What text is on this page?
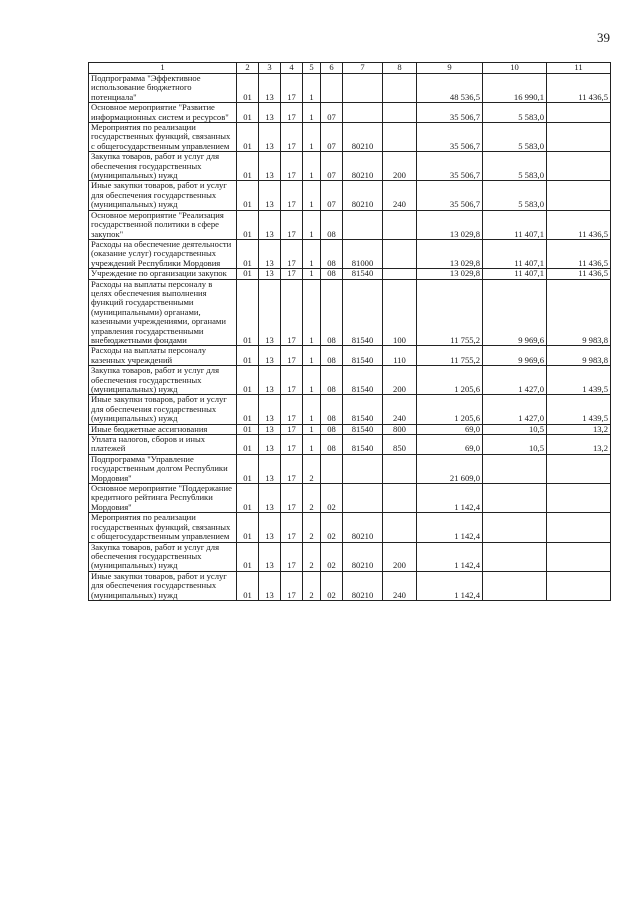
39
1	2	3	4	5	6	7	8	9	10	11
Подпрограмма "Эффективное использование бюджетного потенциала"	01	13	17	1				48 536,5	16 990,1	11 436,5
Основное мероприятие "Развитие информационных систем и ресурсов"	01	13	17	1	07			35 506,7	5 583,0	
Мероприятия по реализации государственных функций, связанных с общегосударственным управлением	01	13	17	1	07	80210		35 506,7	5 583,0	
Закупка товаров, работ и услуг для обеспечения государственных (муниципальных) нужд	01	13	17	1	07	80210	200	35 506,7	5 583,0	
Иные закупки товаров, работ и услуг для обеспечения государственных (муниципальных) нужд	01	13	17	1	07	80210	240	35 506,7	5 583,0	
Основное мероприятие "Реализация государственной политики в сфере закупок"	01	13	17	1	08			13 029,8	11 407,1	11 436,5
Расходы на обеспечение деятельности (оказание услуг) государственных учреждений Республики Мордовия	01	13	17	1	08	81000		13 029,8	11 407,1	11 436,5
Учреждение по организации закупок	01	13	17	1	08	81540		13 029,8	11 407,1	11 436,5
Расходы на выплаты персоналу в целях обеспечения выполнения функций государственными (муниципальными) органами, казенными учреждениями, органами управления государственными внебюджетными фондами	01	13	17	1	08	81540	100	11 755,2	9 969,6	9 983,8
Расходы на выплаты персоналу казенных учреждений	01	13	17	1	08	81540	110	11 755,2	9 969,6	9 983,8
Закупка товаров, работ и услуг для обеспечения государственных (муниципальных) нужд	01	13	17	1	08	81540	200	1 205,6	1 427,0	1 439,5
Иные закупки товаров, работ и услуг для обеспечения государственных (муниципальных) нужд	01	13	17	1	08	81540	240	1 205,6	1 427,0	1 439,5
Иные бюджетные ассигнования	01	13	17	1	08	81540	800	69,0	10,5	13,2
Уплата налогов, сборов и иных платежей	01	13	17	1	08	81540	850	69,0	10,5	13,2
Подпрограмма "Управление государственным долгом Республики Мордовия"	01	13	17	2				21 609,0		
Основное мероприятие "Поддержание кредитного рейтинга Республики Мордовия"	01	13	17	2	02			1 142,4		
Мероприятия по реализации государственных функций, связанных с общегосударственным управлением	01	13	17	2	02	80210		1 142,4		
Закупка товаров, работ и услуг для обеспечения государственных (муниципальных) нужд	01	13	17	2	02	80210	200	1 142,4		
Иные закупки товаров, работ и услуг для обеспечения государственных (муниципальных) нужд	01	13	17	2	02	80210	240	1 142,4		
